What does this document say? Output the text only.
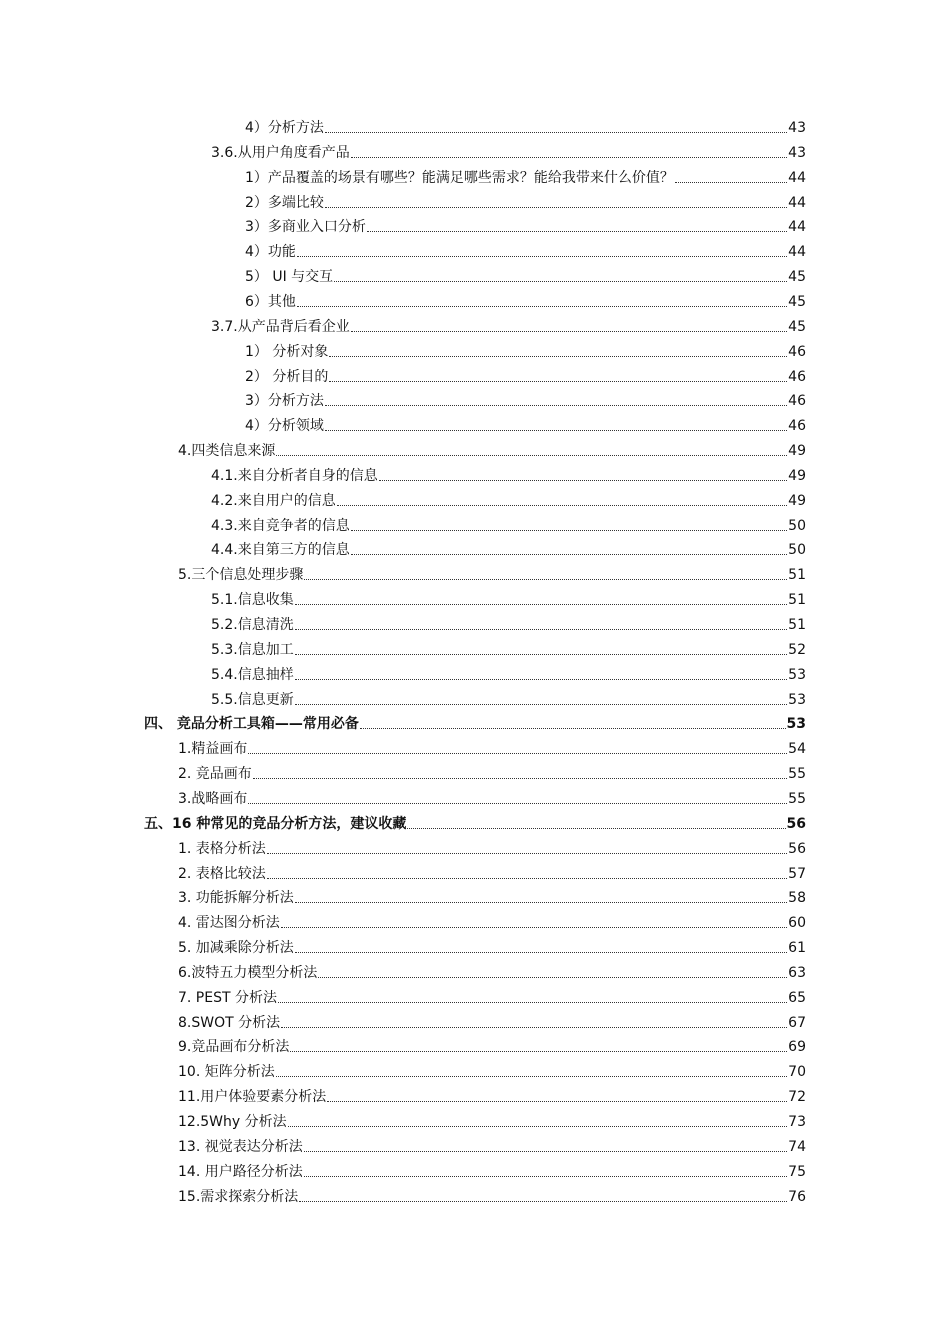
4）分析方法	43
3.6.从用户角度看产品	43
1）产品覆盖的场景有哪些？能满足哪些需求？能给我带来什么价值？	44
2）多端比较	44
3）多商业入口分析	44
4）功能	44
5） UI 与交互	45
6）其他	45
3.7.从产品背后看企业	45
1） 分析对象	46
2） 分析目的	46
3）分析方法	46
4）分析领域	46
4.四类信息来源	49
4.1.来自分析者自身的信息	49
4.2.来自用户的信息	49
4.3.来自竞争者的信息	50
4.4.来自第三方的信息	50
5.三个信息处理步骤	51
5.1.信息收集	51
5.2.信息清洗	51
5.3.信息加工	52
5.4.信息抽样	53
5.5.信息更新	53
四、 竞品分析工具箱——常用必备	53
1.精益画布	54
2. 竞品画布	55
3.战略画布	55
五、16 种常见的竞品分析方法，建议收藏	56
1. 表格分析法	56
2. 表格比较法	57
3. 功能拆解分析法	58
4. 雷达图分析法	60
5. 加减乘除分析法	61
6.波特五力模型分析法	63
7. PEST 分析法	65
8.SWOT 分析法	67
9.竞品画布分析法	69
10. 矩阵分析法	70
11.用户体验要素分析法	72
12.5Why 分析法	73
13. 视觉表达分析法	74
14. 用户路径分析法	75
15.需求探索分析法	76
